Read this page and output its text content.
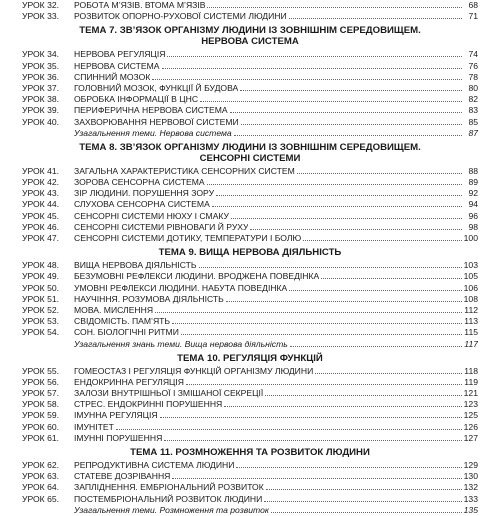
УРОК 32.	РОБОТА М’ЯЗІВ. ВТОМА М’ЯЗІВ	68
УРОК 33.	РОЗВИТОК ОПОРНО-РУХОВОЇ СИСТЕМИ ЛЮДИНИ	71
ТЕМА 7. ЗВ’ЯЗОК ОРГАНІЗМУ ЛЮДИНИ ІЗ ЗОВНІШНІМ СЕРЕДОВИЩЕМ.
НЕРВОВА СИСТЕМА
УРОК 34.	НЕРВОВА РЕГУЛЯЦІЯ	74
УРОК 35.	НЕРВОВА СИСТЕМА	76
УРОК 36.	СПИННИЙ МОЗОК	78
УРОК 37.	ГОЛОВНИЙ МОЗОК, ФУНКЦІЇ Й БУДОВА	80
УРОК 38.	ОБРОБКА ІНФОРМАЦІЇ В ЦНС	82
УРОК 39.	ПЕРИФЕРИЧНА НЕРВОВА СИСТЕМА	83
УРОК 40.	ЗАХВОРЮВАННЯ НЕРВОВОЇ СИСТЕМИ	85
Узагальнення теми. Нервова система	87
ТЕМА 8. ЗВ’ЯЗОК ОРГАНІЗМУ ЛЮДИНИ ІЗ ЗОВНІШНІМ СЕРЕДОВИЩЕМ.
СЕНСОРНІ СИСТЕМИ
УРОК 41.	ЗАГАЛЬНА ХАРАКТЕРИСТИКА СЕНСОРНИХ СИСТЕМ	88
УРОК 42.	ЗОРОВА СЕНСОРНА СИСТЕМА	89
УРОК 43.	ЗІР ЛЮДИНИ. ПОРУШЕННЯ ЗОРУ	92
УРОК 44.	СЛУХОВА СЕНСОРНА СИСТЕМА	94
УРОК 45.	СЕНСОРНІ СИСТЕМИ НЮХУ І СМАКУ	96
УРОК 46.	СЕНСОРНІ СИСТЕМИ РІВНОВАГИ Й РУХУ	98
УРОК 47.	СЕНСОРНІ СИСТЕМИ ДОТИКУ, ТЕМПЕРАТУРИ І БОЛЮ	100
ТЕМА 9. ВИЩА НЕРВОВА ДІЯЛЬНІСТЬ
УРОК 48.	ВИЩА НЕРВОВА ДІЯЛЬНІСТЬ	103
УРОК 49.	БЕЗУМОВНІ РЕФЛЕКСИ ЛЮДИНИ. ВРОДЖЕНА ПОВЕДІНКА	105
УРОК 50.	УМОВНІ РЕФЛЕКСИ ЛЮДИНИ. НАБУТА ПОВЕДІНКА	106
УРОК 51.	НАУЧІННЯ. РОЗУМОВА ДІЯЛЬНІСТЬ	108
УРОК 52.	МОВА. МИСЛЕННЯ	112
УРОК 53.	СВІДОМІСТЬ. ПАМ’ЯТЬ	113
УРОК 54.	СОН. БІОЛОГІЧНІ РИТМИ	115
Узагальнення знань теми. Вища нервова діяльність	117
ТЕМА 10. РЕГУЛЯЦІЯ ФУНКЦІЙ
УРОК 55.	ГОМЕОСТАЗ І РЕГУЛЯЦІЯ ФУНКЦІЙ ОРГАНІЗМУ ЛЮДИНИ	118
УРОК 56.	ЕНДОКРИННА РЕГУЛЯЦІЯ	119
УРОК 57.	ЗАЛОЗИ ВНУТРІШНЬОЇ І ЗМІШАНОЇ СЕКРЕЦІЇ	121
УРОК 58.	СТРЕС. ЕНДОКРИННІ ПОРУШЕННЯ	123
УРОК 59.	ІМУННА РЕГУЛЯЦІЯ	125
УРОК 60.	ІМУНІТЕТ	126
УРОК 61.	ІМУННІ ПОРУШЕННЯ	127
ТЕМА 11. РОЗМНОЖЕННЯ ТА РОЗВИТОК ЛЮДИНИ
УРОК 62.	РЕПРОДУКТИВНА СИСТЕМА ЛЮДИНИ	129
УРОК 63.	СТАТЕВЕ ДОЗРІВАННЯ	130
УРОК 64.	ЗАПЛІДНЕННЯ. ЕМБРІОНАЛЬНИЙ РОЗВИТОК	132
УРОК 65.	ПОСТЕМБРІОНАЛЬНИЙ РОЗВИТОК ЛЮДИНИ	133
Узагальнення теми. Розмноження та розвиток	135
